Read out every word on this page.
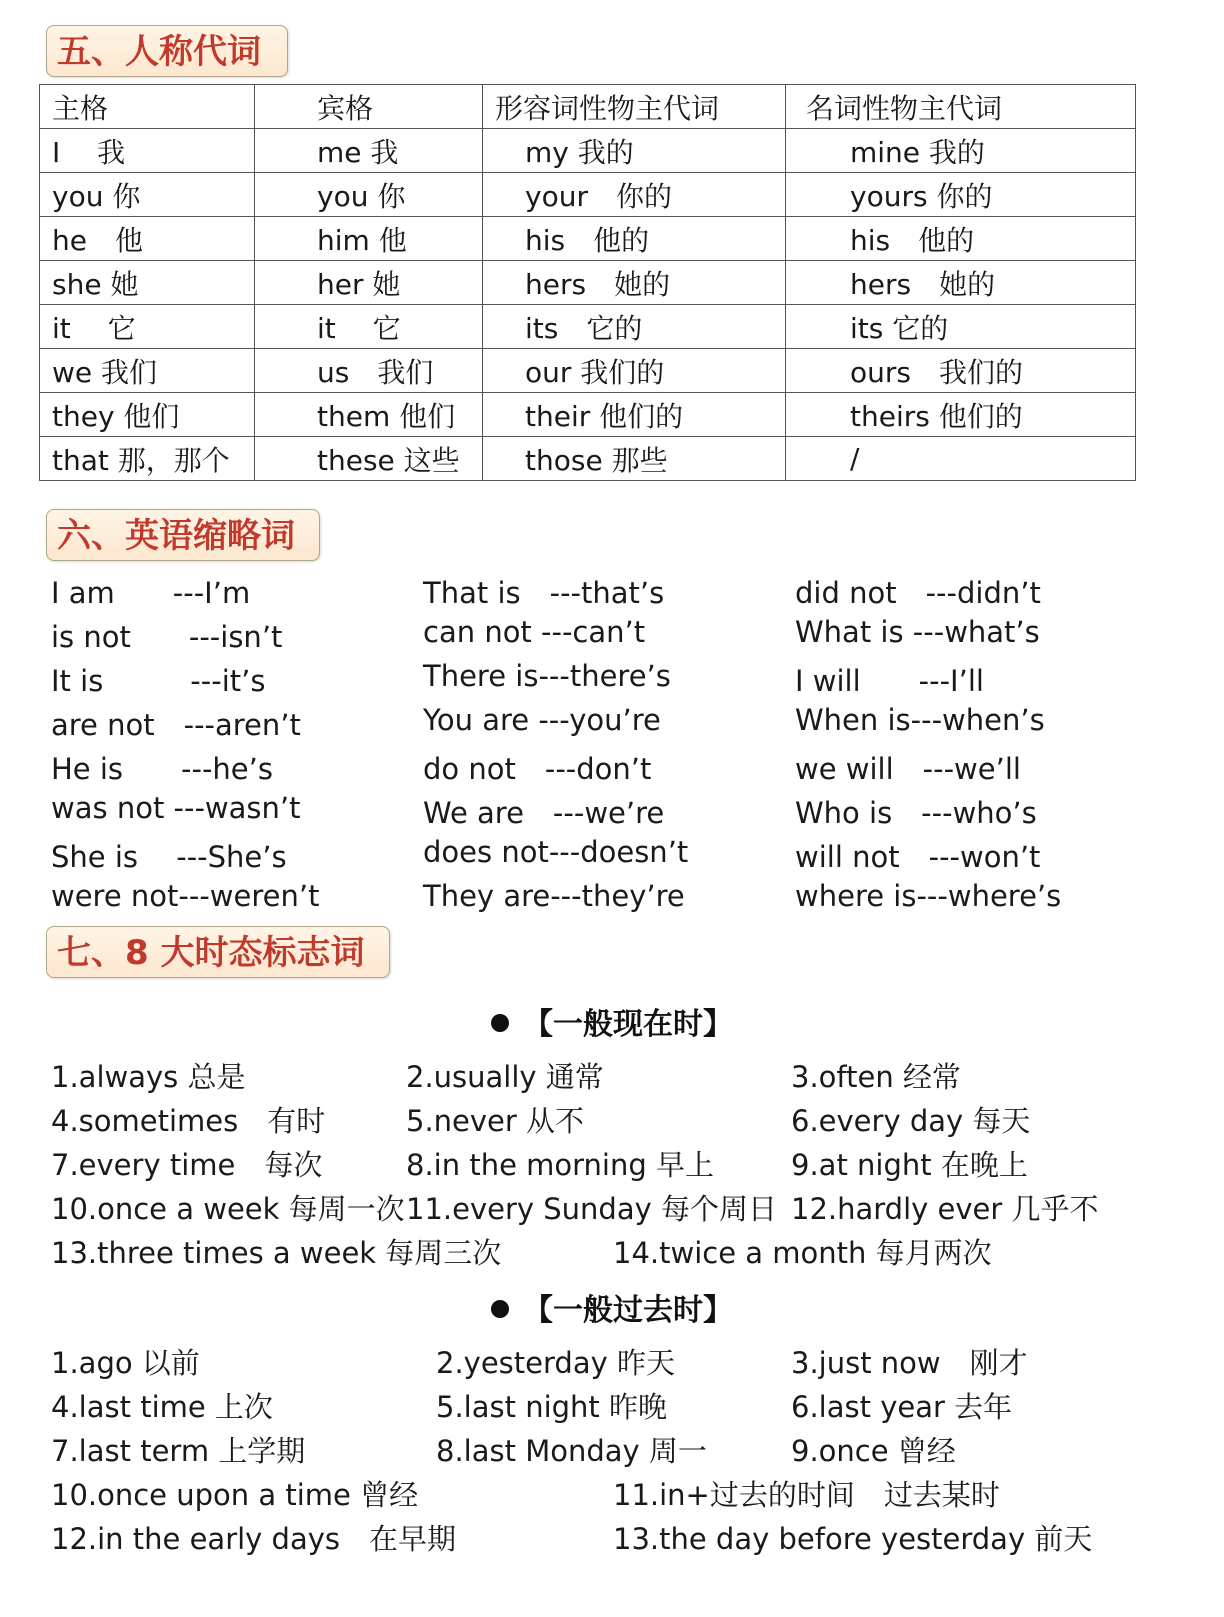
五、人称代词
主格	宾格	形容词性物主代词	名词性物主代词
I　 我	me 我	my 我的	mine 我的
you 你	you 你	your　你的	yours 你的
he　他	him 他	his　他的	his　他的
she 她	her 她	hers　她的	hers　她的
it　 它	it　 它	its　它的	its 它的
we 我们	us　我们	our 我们的	ours　我们的
they 他们	them 他们	their 他们的	theirs 他们的
that 那，那个	these 这些	those 那些	/
六、英语缩略词
I am　　---I’m	That is　---that’s	did not　---didn’t
is not　　---isn’t	can not ---can’t	What is ---what’s
It is　　　---it’s	There is---there’s	I will　　---I’ll
are not　---aren’t	You are ---you’re	When is---when’s
He is　　---he’s	do not　---don’t	we will　---we’ll
was not ---wasn’t	We are　---we’re	Who is　---who’s
She is　 ---She’s	does not---doesn’t	will not　---won’t
were not---weren’t	They are---they’re	where is---where’s
七、8 大时态标志词
【一般现在时】
1.always 总是	2.usually 通常	3.often 经常
4.sometimes　有时	5.never 从不	6.every day 每天
7.every time　每次	8.in the morning 早上	9.at night 在晚上
10.once a week 每周一次 11.every Sunday 每个周日 12.hardly ever 几乎不
13.three times a week 每周三次	14.twice a month 每月两次
【一般过去时】
1.ago 以前	2.yesterday 昨天	3.just now　刚才
4.last time 上次	5.last night 昨晚	6.last year 去年
7.last term 上学期	8.last Monday 周一	9.once 曾经
10.once upon a time 曾经	11.in+过去的时间　过去某时
12.in the early days　在早期	13.the day before yesterday 前天
